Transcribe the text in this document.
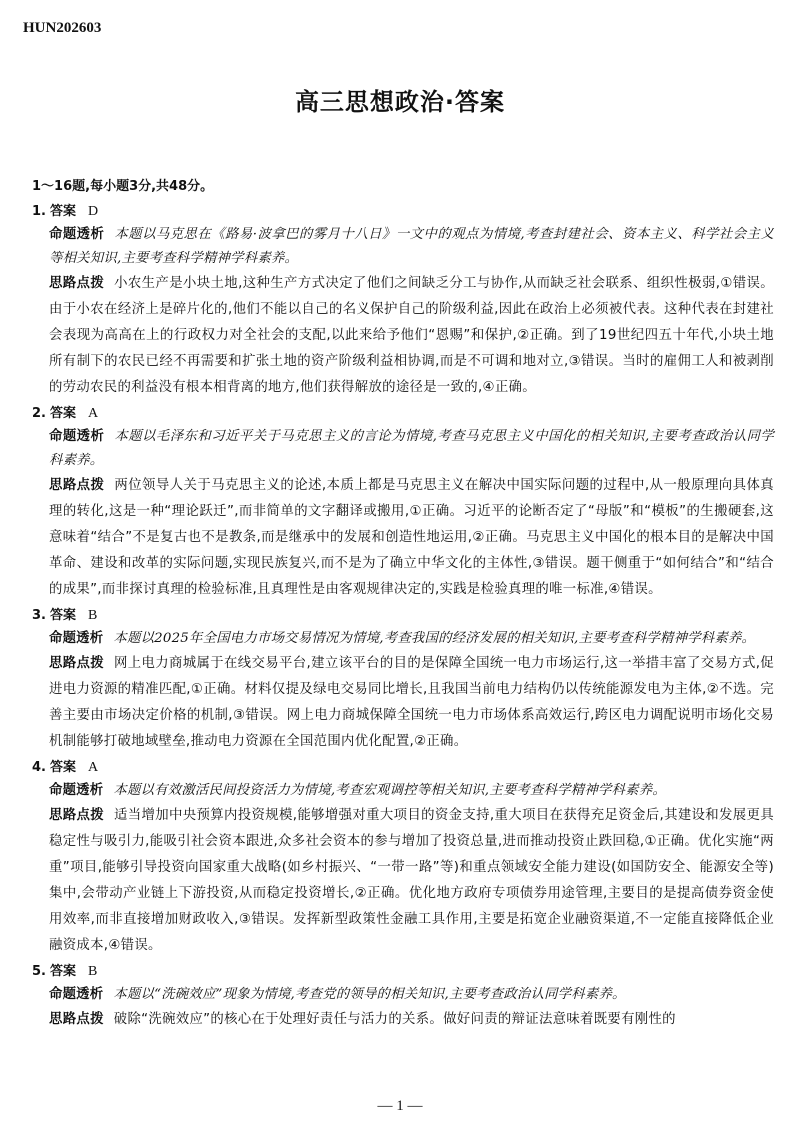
HUN202603
高三思想政治·答案
1～16题,每小题3分,共48分。
1. 答案 D
命题透析 本题以马克思在《路易·波拿巴的雾月十八日》一文中的观点为情境,考查封建社会、资本主义、科学社会主义等相关知识,主要考查科学精神学科素养。
思路点拨 小农生产是小块土地,这种生产方式决定了他们之间缺乏分工与协作,从而缺乏社会联系、组织性极弱,①错误。由于小农在经济上是碎片化的,他们不能以自己的名义保护自己的阶级利益,因此在政治上必须被代表。这种代表在封建社会表现为高高在上的行政权力对全社会的支配,以此来给予他们“恩赐”和保护,②正确。到了19世纪四五十年代,小块土地所有制下的农民已经不再需要和扩张土地的资产阶级利益相协调,而是不可调和地对立,③错误。当时的雇佣工人和被剥削的劳动农民的利益没有根本相背离的地方,他们获得解放的途径是一致的,④正确。
2. 答案 A
命题透析 本题以毛泽东和习近平关于马克思主义的言论为情境,考查马克思主义中国化的相关知识,主要考查政治认同学科素养。
思路点拨 两位领导人关于马克思主义的论述,本质上都是马克思主义在解决中国实际问题的过程中,从一般原理向具体真理的转化,这是一种“理论跃迁”,而非简单的文字翻译或搬用,①正确。习近平的论断否定了“母版”和“模板”的生搬硬套,这意味着“结合”不是复古也不是教条,而是继承中的发展和创造性地运用,②正确。马克思主义中国化的根本目的是解决中国革命、建设和改革的实际问题,实现民族复兴,而不是为了确立中华文化的主体性,③错误。题干侧重于“如何结合”和“结合的成果”,而非探讨真理的检验标准,且真理性是由客观规律决定的,实践是检验真理的唯一标准,④错误。
3. 答案 B
命题透析 本题以2025年全国电力市场交易情况为情境,考查我国的经济发展的相关知识,主要考查科学精神学科素养。
思路点拨 网上电力商城属于在线交易平台,建立该平台的目的是保障全国统一电力市场运行,这一举措丰富了交易方式,促进电力资源的精准匹配,①正确。材料仅提及绿电交易同比增长,且我国当前电力结构仍以传统能源发电为主体,②不选。完善主要由市场决定价格的机制,③错误。网上电力商城保障全国统一电力市场体系高效运行,跨区电力调配说明市场化交易机制能够打破地域壁垒,推动电力资源在全国范围内优化配置,②正确。
4. 答案 A
命题透析 本题以有效激活民间投资活力为情境,考查宏观调控等相关知识,主要考查科学精神学科素养。
思路点拨 适当增加中央预算内投资规模,能够增强对重大项目的资金支持,重大项目在获得充足资金后,其建设和发展更具稳定性与吸引力,能吸引社会资本跟进,众多社会资本的参与增加了投资总量,进而推动投资止跌回稳,①正确。优化实施“两重”项目,能够引导投资向国家重大战略(如乡村振兴、“一带一路”等)和重点领域安全能力建设(如国防安全、能源安全等)集中,会带动产业链上下游投资,从而稳定投资增长,②正确。优化地方政府专项债券用途管理,主要目的是提高债券资金使用效率,而非直接增加财政收入,③错误。发挥新型政策性金融工具作用,主要是拓宽企业融资渠道,不一定能直接降低企业融资成本,④错误。
5. 答案 B
命题透析 本题以“洗碗效应”现象为情境,考查党的领导的相关知识,主要考查政治认同学科素养。
思路点拨 破除“洗碗效应”的核心在于处理好责任与活力的关系。做好问责的辩证法意味着既要有刚性的
— 1 —
